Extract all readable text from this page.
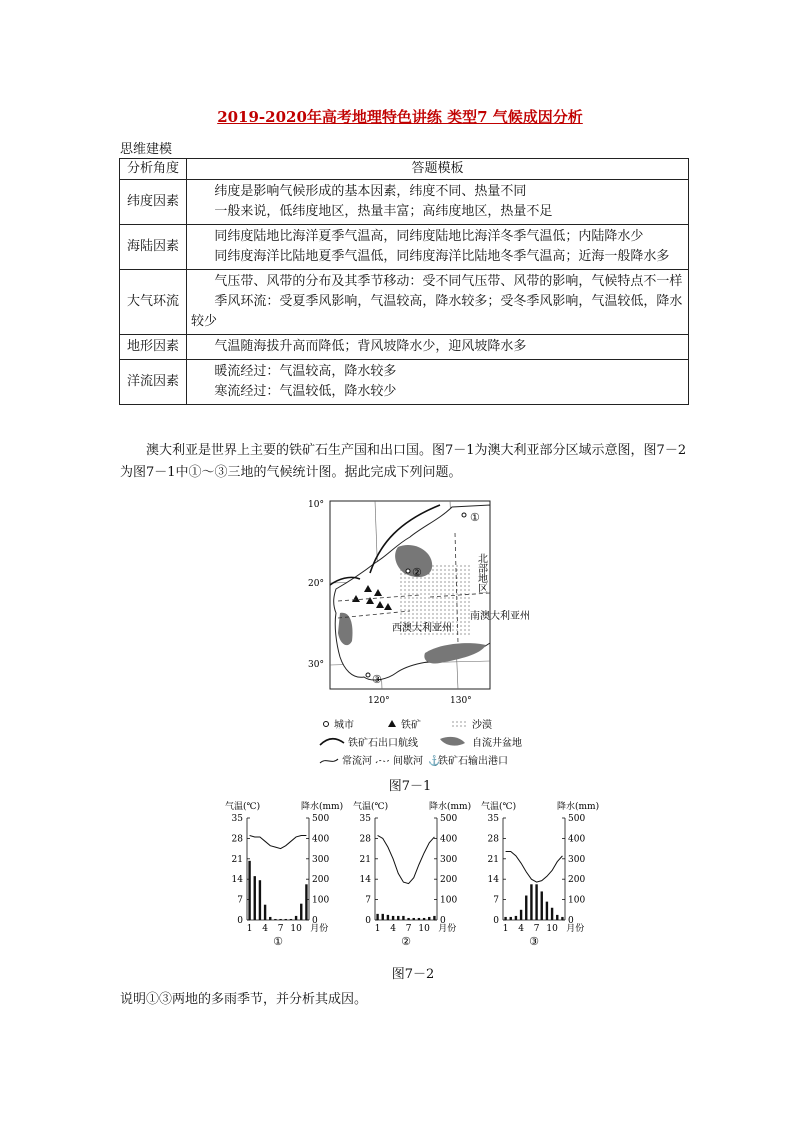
2019-2020年高考地理特色讲练 类型7 气候成因分析
思维建模
分析角度	答题模板
纬度因素	纬度是影响气候形成的基本因素，纬度不同、热量不同

一般来说，低纬度地区，热量丰富；高纬度地区，热量不足

海陆因素	同纬度陆地比海洋夏季气温高，同纬度陆地比海洋冬季气温低；内陆降水少

同纬度海洋比陆地夏季气温低，同纬度海洋比陆地冬季气温高；近海一般降水多

大气环流	气压带、风带的分布及其季节移动：受不同气压带、风带的影响，气候特点不一样

季风环流：受夏季风影响，气温较高，降水较多；受冬季风影响，气温较低，降水较少

地形因素	气温随海拔升高而降低；背风坡降水少，迎风坡降水多

洋流因素	暖流经过：气温较高，降水较多

寒流经过：气温较低，降水较少

澳大利亚是世界上主要的铁矿石生产国和出口国。图7－1为澳大利亚部分区域示意图，图7－2为图7－1中①～③三地的气候统计图。据此完成下列问题。

10°
20°
30°
120°	130°
①
②
③
北部地区
西澳大利亚州
南澳大利亚州
城市	铁矿	沙漠
铁矿石出口航线	自流井盆地
常流河 间歇河 ⚓
铁矿石输出港口
图7－1
气温(℃)	降水(mm)
0
7
14
21
28
35
0
100
200
300
400
500
1 4 7 10 月份
①
气温(℃)	降水(mm)
0
7
14
21
28
35
0
100
200
300
400
500
1 4 7 10 月份
②
气温(℃)	降水(mm)
0
7
14
21
28
35
0
100
200
300
400
500
1 4 7 10 月份
③
图7－2
说明①③两地的多雨季节，并分析其成因。
